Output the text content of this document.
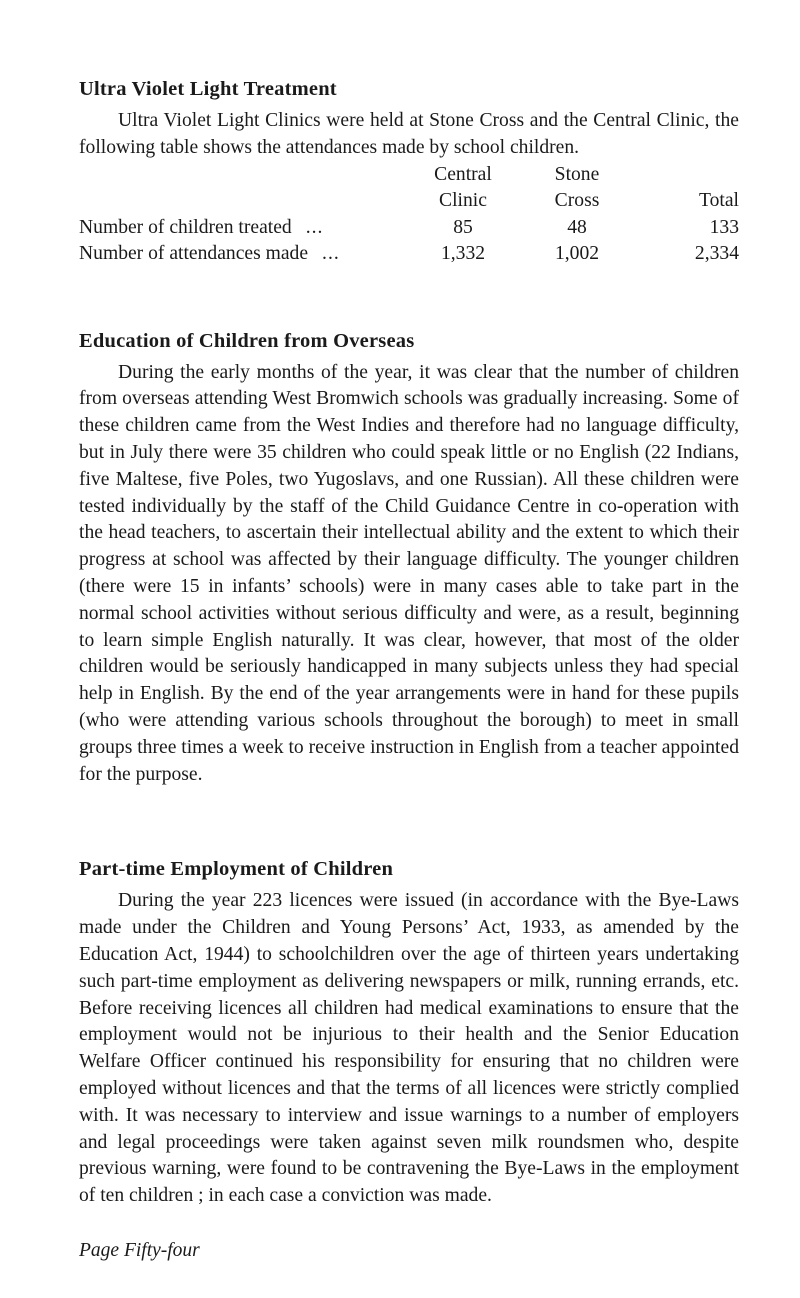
Ultra Violet Light Treatment

Ultra Violet Light Clinics were held at Stone Cross and the Central Clinic, the following table shows the attendances made by school children.

	Central	Stone	
	Clinic	Cross	Total
Number of children treated ...	85	48	133
Number of attendances made ...	1,332	1,002	2,334
Education of Children from Overseas

During the early months of the year, it was clear that the number of children from overseas attending West Bromwich schools was gradually increasing. Some of these children came from the West Indies and therefore had no language difficulty, but in July there were 35 children who could speak little or no English (22 Indians, five Maltese, five Poles, two Yugoslavs, and one Russian). All these children were tested individually by the staff of the Child Guidance Centre in co-operation with the head teachers, to ascertain their intellectual ability and the extent to which their progress at school was affected by their language difficulty. The younger children (there were 15 in infants’ schools) were in many cases able to take part in the normal school activities without serious difficulty and were, as a result, beginning to learn simple English naturally. It was clear, however, that most of the older children would be seriously handicapped in many subjects unless they had special help in English. By the end of the year arrangements were in hand for these pupils (who were attending various schools throughout the borough) to meet in small groups three times a week to receive instruction in English from a teacher appointed for the purpose.

Part-time Employment of Children

During the year 223 licences were issued (in accordance with the Bye-Laws made under the Children and Young Persons’ Act, 1933, as amended by the Education Act, 1944) to schoolchildren over the age of thirteen years undertaking such part-time employment as delivering newspapers or milk, running errands, etc. Before receiving licences all children had medical examinations to ensure that the employment would not be injurious to their health and the Senior Education Welfare Officer continued his responsibility for ensuring that no children were employed without licences and that the terms of all licences were strictly complied with. It was necessary to interview and issue warnings to a number of employers and legal proceedings were taken against seven milk roundsmen who, despite previous warning, were found to be contravening the Bye-Laws in the employment of ten children ; in each case a conviction was made.

Page Fifty-four
